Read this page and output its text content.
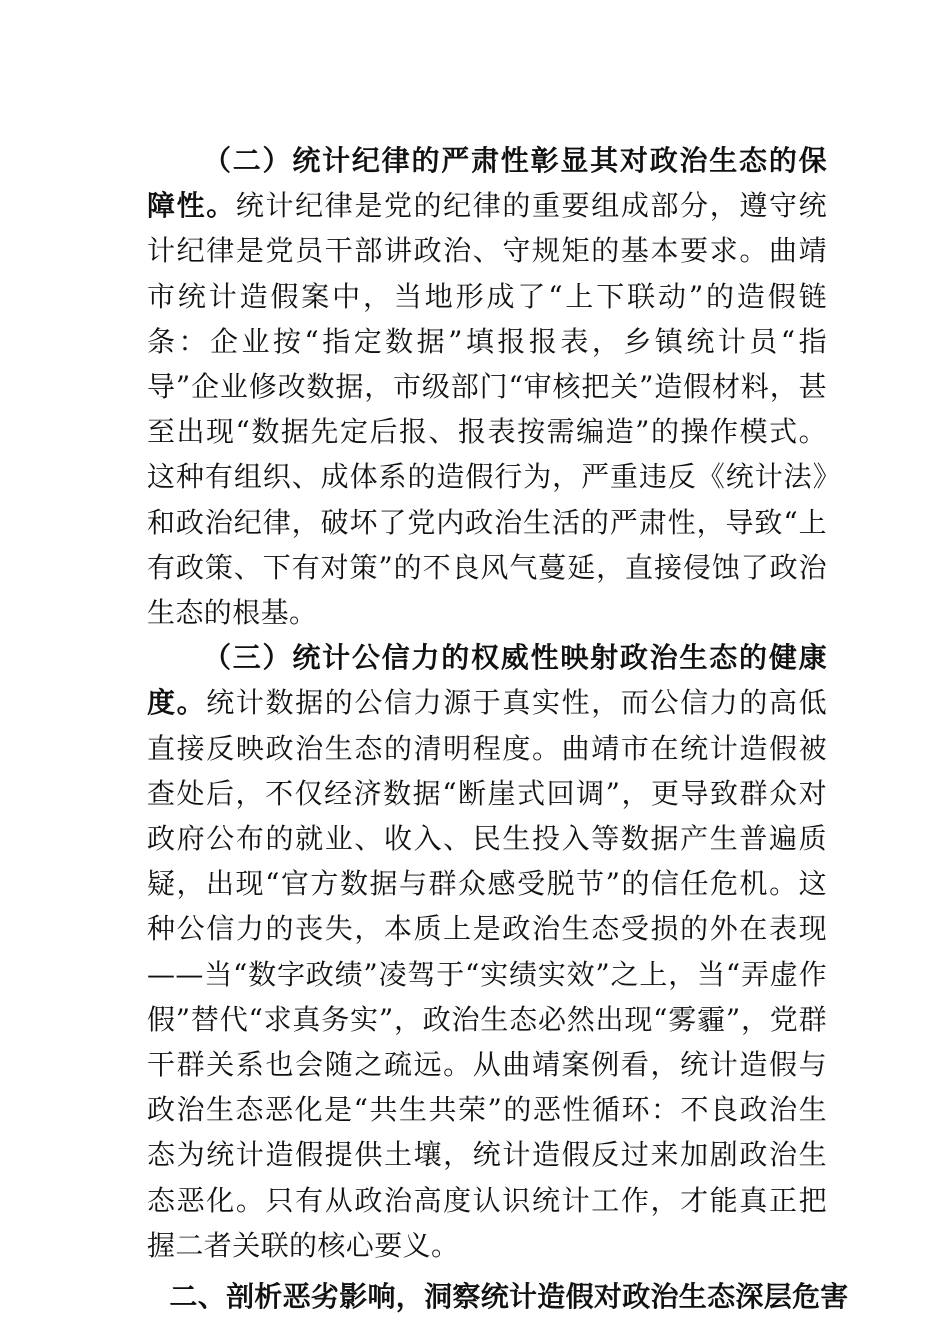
（二）统计纪律的严肃性彰显其对政治生态的保障性。统计纪律是党的纪律的重要组成部分，遵守统计纪律是党员干部讲政治、守规矩的基本要求。曲靖市统计造假案中，当地形成了“上下联动”的造假链条：企业按“指定数据”填报报表，乡镇统计员“指导”企业修改数据，市级部门“审核把关”造假材料，甚至出现“数据先定后报、报表按需编造”的操作模式。这种有组织、成体系的造假行为，严重违反《统计法》和政治纪律，破坏了党内政治生活的严肃性，导致“上有政策、下有对策”的不良风气蔓延，直接侵蚀了政治生态的根基。

（三）统计公信力的权威性映射政治生态的健康度。统计数据的公信力源于真实性，而公信力的高低直接反映政治生态的清明程度。曲靖市在统计造假被查处后，不仅经济数据“断崖式回调”，更导致群众对政府公布的就业、收入、民生投入等数据产生普遍质疑，出现“官方数据与群众感受脱节”的信任危机。这种公信力的丧失，本质上是政治生态受损的外在表现——当“数字政绩”凌驾于“实绩实效”之上，当“弄虚作假”替代“求真务实”，政治生态必然出现“雾霾”，党群干群关系也会随之疏远。从曲靖案例看，统计造假与政治生态恶化是“共生共荣”的恶性循环：不良政治生态为统计造假提供土壤，统计造假反过来加剧政治生态恶化。只有从政治高度认识统计工作，才能真正把握二者关联的核心要义。

二、剖析恶劣影响，洞察统计造假对政治生态深层危害
